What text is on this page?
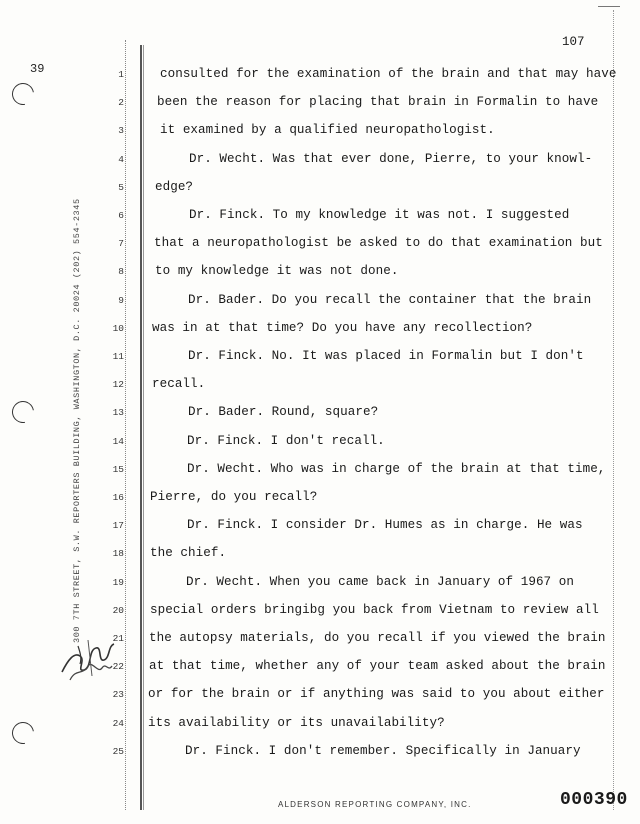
39
300 7TH STREET, S.W. REPORTERS BUILDING, WASHINGTON, D.C. 20024 (202) 554-2345
107
1	consulted for the examination of the brain and that may have
2	been the reason for placing that brain in Formalin to have
3	it examined by a qualified neuropathologist.
4	Dr. Wecht. Was that ever done, Pierre, to your knowl-
5 edge?
6	Dr. Finck. To my knowledge it was not. I suggested
7 that a neuropathologist be asked to do that examination but
8 to my knowledge it was not done.
9	Dr. Bader. Do you recall the container that the brain
10 was in at that time? Do you have any recollection?
11	Dr. Finck. No. It was placed in Formalin but I don't
12 recall.
13	Dr. Bader. Round, square?
14	Dr. Finck. I don't recall.
15	Dr. Wecht. Who was in charge of the brain at that time,
16 Pierre, do you recall?
17	Dr. Finck. I consider Dr. Humes as in charge. He was
18 the chief.
19	Dr. Wecht. When you came back in January of 1967 on
20 special orders bringibg you back from Vietnam to review all
21 the autopsy materials, do you recall if you viewed the brain
22 at that time, whether any of your team asked about the brain
23 or for the brain or if anything was said to you about either
24 its availability or its unavailability?
25	Dr. Finck. I don't remember. Specifically in January
ALDERSON REPORTING COMPANY, INC.	000390
